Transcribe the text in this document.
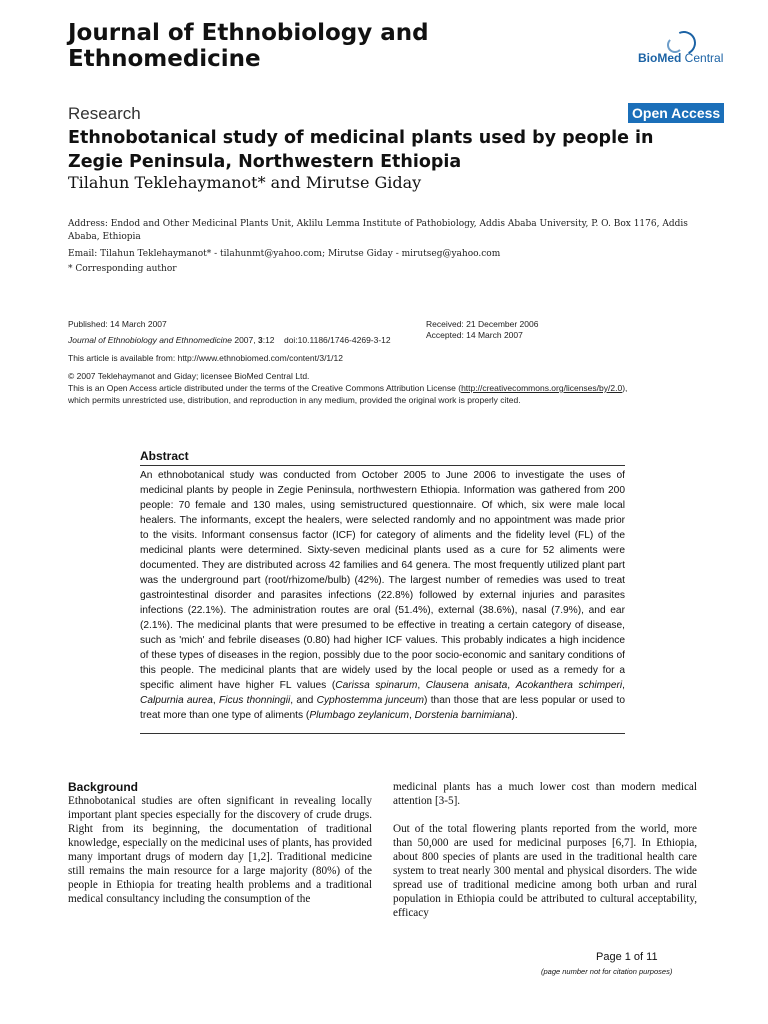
Journal of Ethnobiology and
Ethnomedicine	BioMed Central
Research	Open Access
Ethnobotanical study of medicinal plants used by people in Zegie Peninsula, Northwestern Ethiopia
Tilahun Teklehaymanot* and Mirutse Giday
Address: Endod and Other Medicinal Plants Unit, Aklilu Lemma Institute of Pathobiology, Addis Ababa University, P. O. Box 1176, Addis Ababa, Ethiopia
Email: Tilahun Teklehaymanot* - tilahunmt@yahoo.com; Mirutse Giday - mirutseg@yahoo.com
* Corresponding author
Published: 14 March 2007
Journal of Ethnobiology and Ethnomedicine 2007, 3:12    doi:10.1186/1746-4269-3-12
Received: 21 December 2006
Accepted: 14 March 2007
This article is available from: http://www.ethnobiomed.com/content/3/1/12
© 2007 Teklehaymanot and Giday; licensee BioMed Central Ltd.
This is an Open Access article distributed under the terms of the Creative Commons Attribution License (http://creativecommons.org/licenses/by/2.0),
which permits unrestricted use, distribution, and reproduction in any medium, provided the original work is properly cited.
Abstract

An ethnobotanical study was conducted from October 2005 to June 2006 to investigate the uses of medicinal plants by people in Zegie Peninsula, northwestern Ethiopia. Information was gathered from 200 people: 70 female and 130 males, using semistructured questionnaire. Of which, six were male local healers. The informants, except the healers, were selected randomly and no appointment was made prior to the visits. Informant consensus factor (ICF) for category of aliments and the fidelity level (FL) of the medicinal plants were determined. Sixty-seven medicinal plants used as a cure for 52 aliments were documented. They are distributed across 42 families and 64 genera. The most frequently utilized plant part was the underground part (root/rhizome/bulb) (42%). The largest number of remedies was used to treat gastrointestinal disorder and parasites infections (22.8%) followed by external injuries and parasites infections (22.1%). The administration routes are oral (51.4%), external (38.6%), nasal (7.9%), and ear (2.1%). The medicinal plants that were presumed to be effective in treating a certain category of disease, such as 'mich' and febrile diseases (0.80) had higher ICF values. This probably indicates a high incidence of these types of diseases in the region, possibly due to the poor socio-economic and sanitary conditions of this people. The medicinal plants that are widely used by the local people or used as a remedy for a specific aliment have higher FL values (Carissa spinarum, Clausena anisata, Acokanthera schimperi, Calpurnia aurea, Ficus thonningii, and Cyphostemma junceum) than those that are less popular or used to treat more than one type of aliments (Plumbago zeylanicum, Dorstenia barnimiana).

Background

Ethnobotanical studies are often significant in revealing locally important plant species especially for the discovery of crude drugs. Right from its beginning, the documentation of traditional knowledge, especially on the medicinal uses of plants, has provided many important drugs of modern day [1,2]. Traditional medicine still remains the main resource for a large majority (80%) of the people in Ethiopia for treating health problems and a traditional medical consultancy including the consumption of the

medicinal plants has a much lower cost than modern medical attention [3-5].

Out of the total flowering plants reported from the world, more than 50,000 are used for medicinal purposes [6,7]. In Ethiopia, about 800 species of plants are used in the traditional health care system to treat nearly 300 mental and physical disorders. The wide spread use of traditional medicine among both urban and rural population in Ethiopia could be attributed to cultural acceptability, efficacy

Page 1 of 11
(page number not for citation purposes)
